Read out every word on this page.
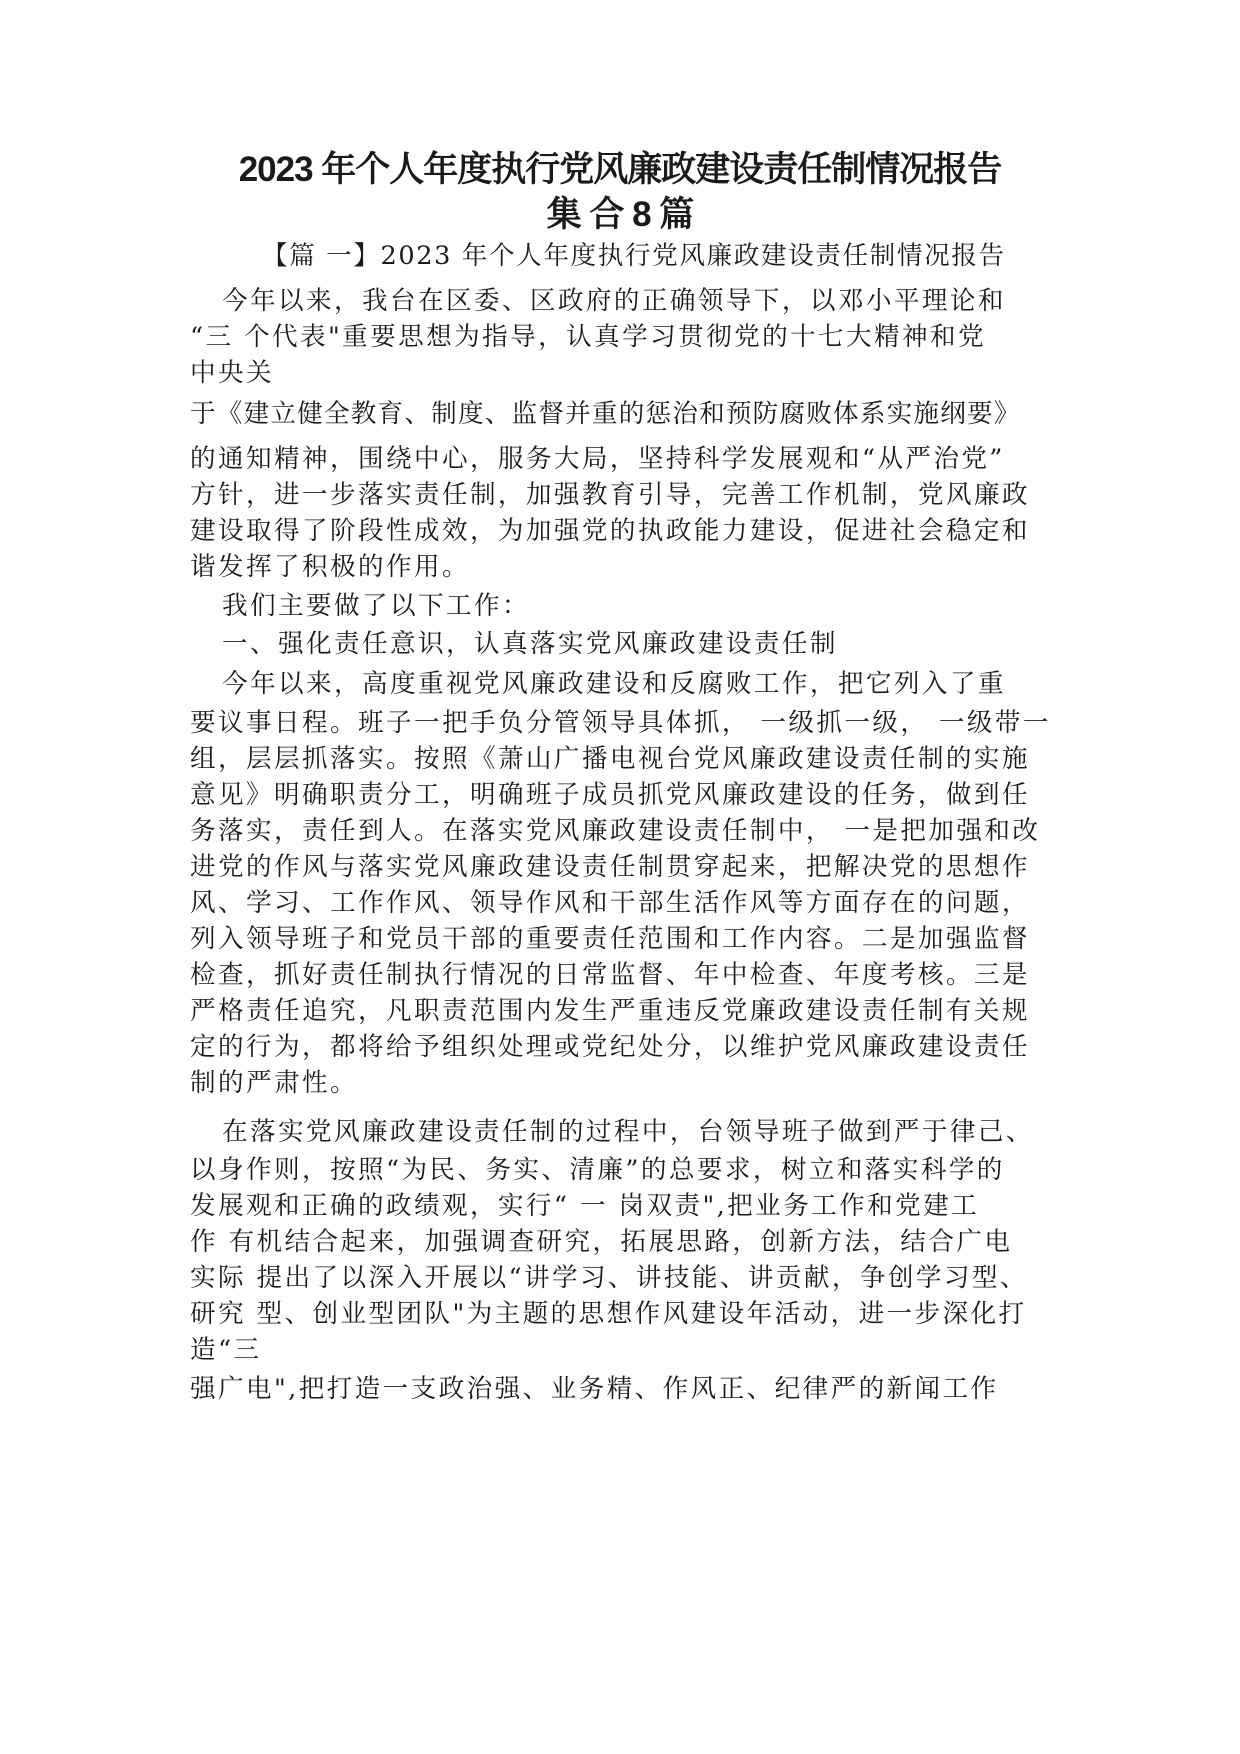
2023 年个人年度执行党风廉政建设责任制情况报告
集 合 8 篇
【篇 一】2023 年个人年度执行党风廉政建设责任制情况报告
今年以来，我台在区委、区政府的正确领导下，以邓小平理论和
“三 个代表"重要思想为指导，认真学习贯彻党的十七大精神和党
中央关
于《建立健全教育、制度、监督并重的惩治和预防腐败体系实施纲要》
的通知精神，围绕中心，服务大局，坚持科学发展观和“从严治党”
方针，进一步落实责任制，加强教育引导，完善工作机制，党风廉政
建设取得了阶段性成效，为加强党的执政能力建设，促进社会稳定和
谐发挥了积极的作用。
我们主要做了以下工作：
一、强化责任意识，认真落实党风廉政建设责任制
今年以来，高度重视党风廉政建设和反腐败工作，把它列入了重
要议事日程。班子一把手负分管领导具体抓， 一级抓一级， 一级带一
组，层层抓落实。按照《萧山广播电视台党风廉政建设责任制的实施
意见》明确职责分工，明确班子成员抓党风廉政建设的任务，做到任
务落实，责任到人。在落实党风廉政建设责任制中， 一是把加强和改
进党的作风与落实党风廉政建设责任制贯穿起来，把解决党的思想作
风、学习、工作作风、领导作风和干部生活作风等方面存在的问题，
列入领导班子和党员干部的重要责任范围和工作内容。二是加强监督
检查，抓好责任制执行情况的日常监督、年中检查、年度考核。三是
严格责任追究，凡职责范围内发生严重违反党廉政建设责任制有关规
定的行为，都将给予组织处理或党纪处分，以维护党风廉政建设责任
制的严肃性。
在落实党风廉政建设责任制的过程中，台领导班子做到严于律己、
以身作则，按照“为民、务实、清廉”的总要求，树立和落实科学的
发展观和正确的政绩观，实行“ 一 岗双责",把业务工作和党建工
作 有机结合起来，加强调查研究，拓展思路，创新方法，结合广电
实际 提出了以深入开展以“讲学习、讲技能、讲贡献，争创学习型、
研究 型、创业型团队"为主题的思想作风建设年活动，进一步深化打
造“三
强广电",把打造一支政治强、业务精、作风正、纪律严的新闻工作
